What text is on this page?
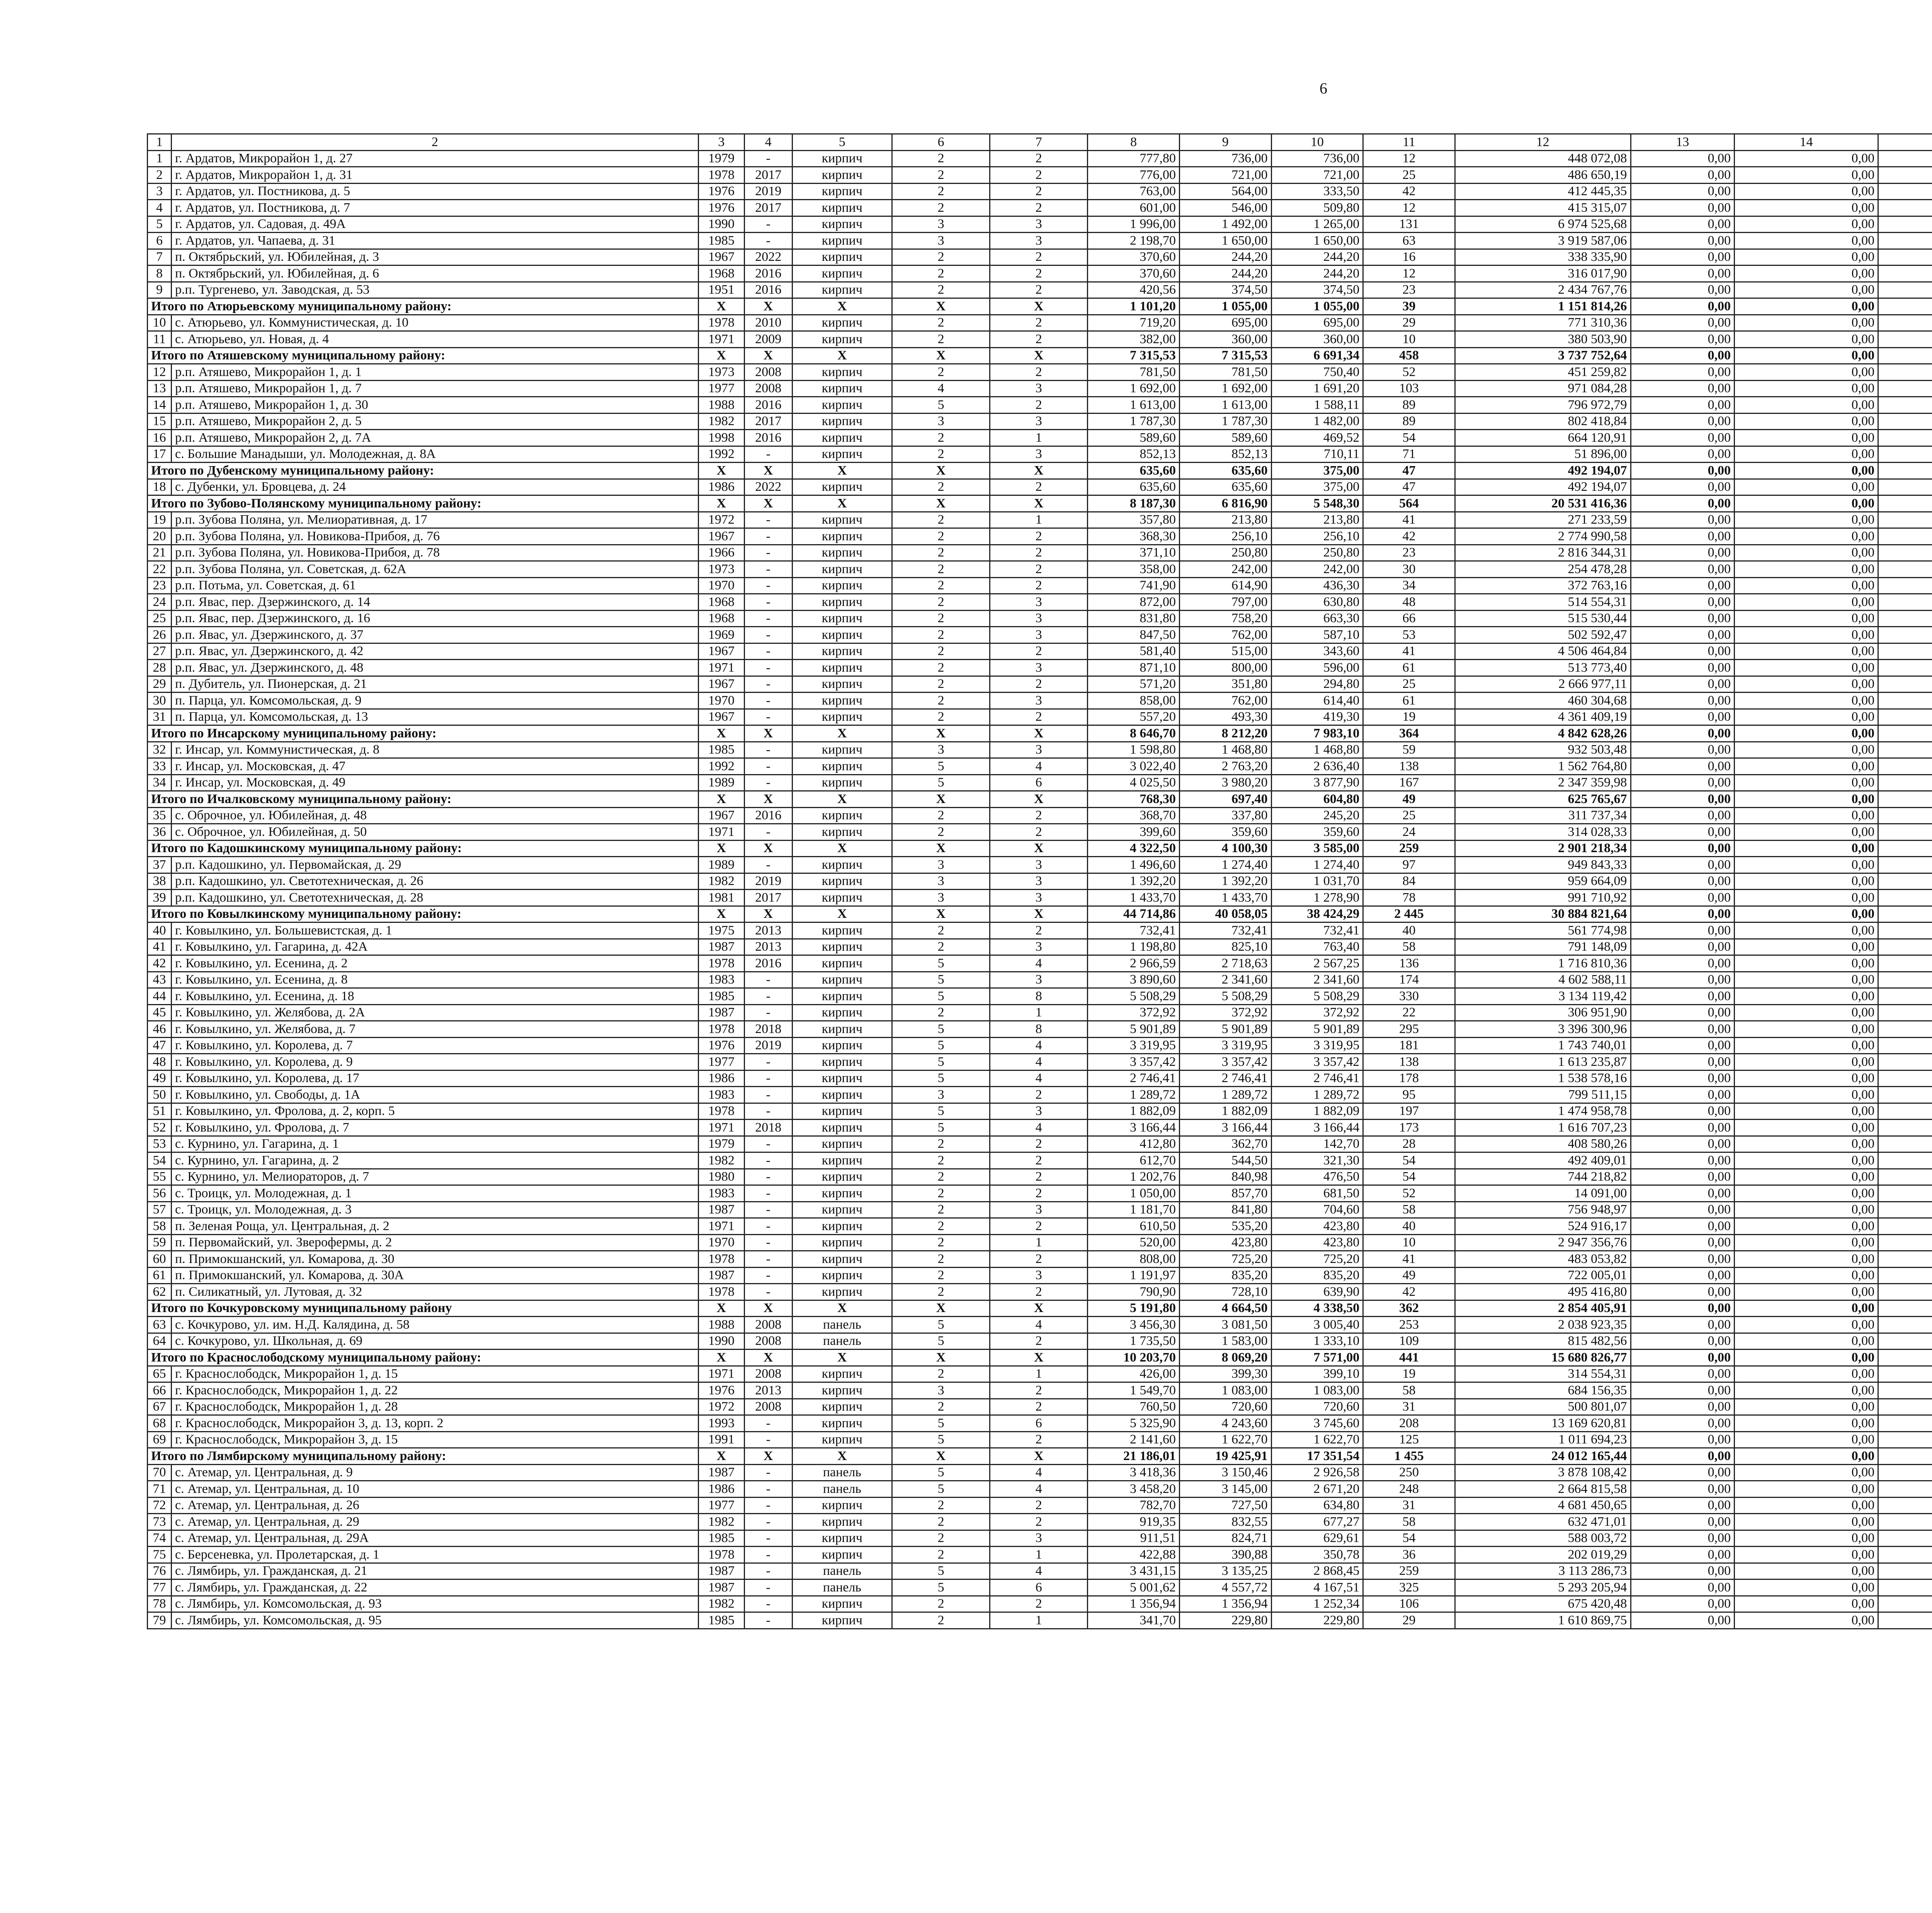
6
1	2	3	4	5	6	7	8	9	10	11	12	13	14					
1	г. Ардатов, Микрорайон 1, д. 27	1979	-	кирпич	2	2	777,80	736,00	736,00	12	448 072,08	0,00	0,00					
2	г. Ардатов, Микрорайон 1, д. 31	1978	2017	кирпич	2	2	776,00	721,00	721,00	25	486 650,19	0,00	0,00					
3	г. Ардатов, ул. Постникова, д. 5	1976	2019	кирпич	2	2	763,00	564,00	333,50	42	412 445,35	0,00	0,00					
4	г. Ардатов, ул. Постникова, д. 7	1976	2017	кирпич	2	2	601,00	546,00	509,80	12	415 315,07	0,00	0,00					
5	г. Ардатов, ул. Садовая, д. 49А	1990	-	кирпич	3	3	1 996,00	1 492,00	1 265,00	131	6 974 525,68	0,00	0,00					
6	г. Ардатов, ул. Чапаева, д. 31	1985	-	кирпич	3	3	2 198,70	1 650,00	1 650,00	63	3 919 587,06	0,00	0,00					
7	п. Октябрьский, ул. Юбилейная, д. 3	1967	2022	кирпич	2	2	370,60	244,20	244,20	16	338 335,90	0,00	0,00					
8	п. Октябрьский, ул. Юбилейная, д. 6	1968	2016	кирпич	2	2	370,60	244,20	244,20	12	316 017,90	0,00	0,00					
9	р.п. Тургенево, ул. Заводская, д. 53	1951	2016	кирпич	2	2	420,56	374,50	374,50	23	2 434 767,76	0,00	0,00					
Итого по Атюрьевскому муниципальному району:		X	X	X	X	X	1 101,20	1 055,00	1 055,00	39	1 151 814,26	0,00	0,00					
10	с. Атюрьево, ул. Коммунистическая, д. 10	1978	2010	кирпич	2	2	719,20	695,00	695,00	29	771 310,36	0,00	0,00					
11	с. Атюрьево, ул. Новая, д. 4	1971	2009	кирпич	2	2	382,00	360,00	360,00	10	380 503,90	0,00	0,00					
Итого по Атяшевскому муниципальному району:		X	X	X	X	X	7 315,53	7 315,53	6 691,34	458	3 737 752,64	0,00	0,00					
12	р.п. Атяшево, Микрорайон 1, д. 1	1973	2008	кирпич	2	2	781,50	781,50	750,40	52	451 259,82	0,00	0,00					
13	р.п. Атяшево, Микрорайон 1, д. 7	1977	2008	кирпич	4	3	1 692,00	1 692,00	1 691,20	103	971 084,28	0,00	0,00					
14	р.п. Атяшево, Микрорайон 1, д. 30	1988	2016	кирпич	5	2	1 613,00	1 613,00	1 588,11	89	796 972,79	0,00	0,00					
15	р.п. Атяшево, Микрорайон 2, д. 5	1982	2017	кирпич	3	3	1 787,30	1 787,30	1 482,00	89	802 418,84	0,00	0,00					
16	р.п. Атяшево, Микрорайон 2, д. 7А	1998	2016	кирпич	2	1	589,60	589,60	469,52	54	664 120,91	0,00	0,00					
17	с. Большие Манадыши, ул. Молодежная, д. 8А	1992	-	кирпич	2	3	852,13	852,13	710,11	71	51 896,00	0,00	0,00					
Итого по Дубенскому муниципальному району:		X	X	X	X	X	635,60	635,60	375,00	47	492 194,07	0,00	0,00					
18	с. Дубенки, ул. Бровцева, д. 24	1986	2022	кирпич	2	2	635,60	635,60	375,00	47	492 194,07	0,00	0,00					
Итого по Зубово-Полянскому муниципальному району:		X	X	X	X	X	8 187,30	6 816,90	5 548,30	564	20 531 416,36	0,00	0,00					
19	р.п. Зубова Поляна, ул. Мелиоративная, д. 17	1972	-	кирпич	2	1	357,80	213,80	213,80	41	271 233,59	0,00	0,00					
20	р.п. Зубова Поляна, ул. Новикова-Прибоя, д. 76	1967	-	кирпич	2	2	368,30	256,10	256,10	42	2 774 990,58	0,00	0,00					
21	р.п. Зубова Поляна, ул. Новикова-Прибоя, д. 78	1966	-	кирпич	2	2	371,10	250,80	250,80	23	2 816 344,31	0,00	0,00					
22	р.п. Зубова Поляна, ул. Советская, д. 62А	1973	-	кирпич	2	2	358,00	242,00	242,00	30	254 478,28	0,00	0,00					
23	р.п. Потьма, ул. Советская, д. 61	1970	-	кирпич	2	2	741,90	614,90	436,30	34	372 763,16	0,00	0,00					
24	р.п. Явас, пер. Дзержинского, д. 14	1968	-	кирпич	2	3	872,00	797,00	630,80	48	514 554,31	0,00	0,00					
25	р.п. Явас, пер. Дзержинского, д. 16	1968	-	кирпич	2	3	831,80	758,20	663,30	66	515 530,44	0,00	0,00					
26	р.п. Явас, ул. Дзержинского, д. 37	1969	-	кирпич	2	3	847,50	762,00	587,10	53	502 592,47	0,00	0,00					
27	р.п. Явас, ул. Дзержинского, д. 42	1967	-	кирпич	2	2	581,40	515,00	343,60	41	4 506 464,84	0,00	0,00					
28	р.п. Явас, ул. Дзержинского, д. 48	1971	-	кирпич	2	3	871,10	800,00	596,00	61	513 773,40	0,00	0,00					
29	п. Дубитель, ул. Пионерская, д. 21	1967	-	кирпич	2	2	571,20	351,80	294,80	25	2 666 977,11	0,00	0,00					
30	п. Парца, ул. Комсомольская, д. 9	1970	-	кирпич	2	3	858,00	762,00	614,40	61	460 304,68	0,00	0,00					
31	п. Парца, ул. Комсомольская, д. 13	1967	-	кирпич	2	2	557,20	493,30	419,30	19	4 361 409,19	0,00	0,00					
Итого по Инсарскому муниципальному району:		X	X	X	X	X	8 646,70	8 212,20	7 983,10	364	4 842 628,26	0,00	0,00					
32	г. Инсар, ул. Коммунистическая, д. 8	1985	-	кирпич	3	3	1 598,80	1 468,80	1 468,80	59	932 503,48	0,00	0,00					
33	г. Инсар, ул. Московская, д. 47	1992	-	кирпич	5	4	3 022,40	2 763,20	2 636,40	138	1 562 764,80	0,00	0,00					
34	г. Инсар, ул. Московская, д. 49	1989	-	кирпич	5	6	4 025,50	3 980,20	3 877,90	167	2 347 359,98	0,00	0,00					
Итого по Ичалковскому муниципальному району:		X	X	X	X	X	768,30	697,40	604,80	49	625 765,67	0,00	0,00					
35	с. Оброчное, ул. Юбилейная, д. 48	1967	2016	кирпич	2	2	368,70	337,80	245,20	25	311 737,34	0,00	0,00					
36	с. Оброчное, ул. Юбилейная, д. 50	1971	-	кирпич	2	2	399,60	359,60	359,60	24	314 028,33	0,00	0,00					
Итого по Кадошкинскому муниципальному району:		X	X	X	X	X	4 322,50	4 100,30	3 585,00	259	2 901 218,34	0,00	0,00					
37	р.п. Кадошкино, ул. Первомайская, д. 29	1989	-	кирпич	3	3	1 496,60	1 274,40	1 274,40	97	949 843,33	0,00	0,00					
38	р.п. Кадошкино, ул. Светотехническая, д. 26	1982	2019	кирпич	3	3	1 392,20	1 392,20	1 031,70	84	959 664,09	0,00	0,00					
39	р.п. Кадошкино, ул. Светотехническая, д. 28	1981	2017	кирпич	3	3	1 433,70	1 433,70	1 278,90	78	991 710,92	0,00	0,00					
Итого по Ковылкинскому муниципальному району:		X	X	X	X	X	44 714,86	40 058,05	38 424,29	2 445	30 884 821,64	0,00	0,00					
40	г. Ковылкино, ул. Большевистская, д. 1	1975	2013	кирпич	2	2	732,41	732,41	732,41	40	561 774,98	0,00	0,00					
41	г. Ковылкино, ул. Гагарина, д. 42А	1987	2013	кирпич	2	3	1 198,80	825,10	763,40	58	791 148,09	0,00	0,00					
42	г. Ковылкино, ул. Есенина, д. 2	1978	2016	кирпич	5	4	2 966,59	2 718,63	2 567,25	136	1 716 810,36	0,00	0,00					
43	г. Ковылкино, ул. Есенина, д. 8	1983	-	кирпич	5	3	3 890,60	2 341,60	2 341,60	174	4 602 588,11	0,00	0,00					
44	г. Ковылкино, ул. Есенина, д. 18	1985	-	кирпич	5	8	5 508,29	5 508,29	5 508,29	330	3 134 119,42	0,00	0,00					
45	г. Ковылкино, ул. Желябова, д. 2А	1987	-	кирпич	2	1	372,92	372,92	372,92	22	306 951,90	0,00	0,00					
46	г. Ковылкино, ул. Желябова, д. 7	1978	2018	кирпич	5	8	5 901,89	5 901,89	5 901,89	295	3 396 300,96	0,00	0,00					
47	г. Ковылкино, ул. Королева, д. 7	1976	2019	кирпич	5	4	3 319,95	3 319,95	3 319,95	181	1 743 740,01	0,00	0,00					
48	г. Ковылкино, ул. Королева, д. 9	1977	-	кирпич	5	4	3 357,42	3 357,42	3 357,42	138	1 613 235,87	0,00	0,00					
49	г. Ковылкино, ул. Королева, д. 17	1986	-	кирпич	5	4	2 746,41	2 746,41	2 746,41	178	1 538 578,16	0,00	0,00					
50	г. Ковылкино, ул. Свободы, д. 1А	1983	-	кирпич	3	2	1 289,72	1 289,72	1 289,72	95	799 511,15	0,00	0,00					
51	г. Ковылкино, ул. Фролова, д. 2, корп. 5	1978	-	кирпич	5	3	1 882,09	1 882,09	1 882,09	197	1 474 958,78	0,00	0,00					
52	г. Ковылкино, ул. Фролова, д. 7	1971	2018	кирпич	5	4	3 166,44	3 166,44	3 166,44	173	1 616 707,23	0,00	0,00					
53	с. Курнино, ул. Гагарина, д. 1	1979	-	кирпич	2	2	412,80	362,70	142,70	28	408 580,26	0,00	0,00					
54	с. Курнино, ул. Гагарина, д. 2	1982	-	кирпич	2	2	612,70	544,50	321,30	54	492 409,01	0,00	0,00					
55	с. Курнино, ул. Мелиораторов, д. 7	1980	-	кирпич	2	2	1 202,76	840,98	476,50	54	744 218,82	0,00	0,00					
56	с. Троицк, ул. Молодежная, д. 1	1983	-	кирпич	2	2	1 050,00	857,70	681,50	52	14 091,00	0,00	0,00					
57	с. Троицк, ул. Молодежная, д. 3	1987	-	кирпич	2	3	1 181,70	841,80	704,60	58	756 948,97	0,00	0,00					
58	п. Зеленая Роща, ул. Центральная, д. 2	1971	-	кирпич	2	2	610,50	535,20	423,80	40	524 916,17	0,00	0,00					
59	п. Первомайский, ул. Зверофермы, д. 2	1970	-	кирпич	2	1	520,00	423,80	423,80	10	2 947 356,76	0,00	0,00					
60	п. Примокшанский, ул. Комарова, д. 30	1978	-	кирпич	2	2	808,00	725,20	725,20	41	483 053,82	0,00	0,00					
61	п. Примокшанский, ул. Комарова, д. 30А	1987	-	кирпич	2	3	1 191,97	835,20	835,20	49	722 005,01	0,00	0,00					
62	п. Силикатный, ул. Лутовая, д. 32	1978	-	кирпич	2	2	790,90	728,10	639,90	42	495 416,80	0,00	0,00					
Итого по Кочкуровскому муниципальному району		X	X	X	X	X	5 191,80	4 664,50	4 338,50	362	2 854 405,91	0,00	0,00					
63	с. Кочкурово, ул. им. Н.Д. Калядина, д. 58	1988	2008	панель	5	4	3 456,30	3 081,50	3 005,40	253	2 038 923,35	0,00	0,00					
64	с. Кочкурово, ул. Школьная, д. 69	1990	2008	панель	5	2	1 735,50	1 583,00	1 333,10	109	815 482,56	0,00	0,00					
Итого по Краснослободскому муниципальному району:		X	X	X	X	X	10 203,70	8 069,20	7 571,00	441	15 680 826,77	0,00	0,00					
65	г. Краснослободск, Микрорайон 1, д. 15	1971	2008	кирпич	2	1	426,00	399,30	399,10	19	314 554,31	0,00	0,00					
66	г. Краснослободск, Микрорайон 1, д. 22	1976	2013	кирпич	3	2	1 549,70	1 083,00	1 083,00	58	684 156,35	0,00	0,00					
67	г. Краснослободск, Микрорайон 1, д. 28	1972	2008	кирпич	2	2	760,50	720,60	720,60	31	500 801,07	0,00	0,00					
68	г. Краснослободск, Микрорайон 3, д. 13, корп. 2	1993	-	кирпич	5	6	5 325,90	4 243,60	3 745,60	208	13 169 620,81	0,00	0,00					
69	г. Краснослободск, Микрорайон 3, д. 15	1991	-	кирпич	5	2	2 141,60	1 622,70	1 622,70	125	1 011 694,23	0,00	0,00					
Итого по Лямбирскому муниципальному району:		X	X	X	X	X	21 186,01	19 425,91	17 351,54	1 455	24 012 165,44	0,00	0,00					
70	с. Атемар, ул. Центральная, д. 9	1987	-	панель	5	4	3 418,36	3 150,46	2 926,58	250	3 878 108,42	0,00	0,00					
71	с. Атемар, ул. Центральная, д. 10	1986	-	панель	5	4	3 458,20	3 145,00	2 671,20	248	2 664 815,58	0,00	0,00					
72	с. Атемар, ул. Центральная, д. 26	1977	-	кирпич	2	2	782,70	727,50	634,80	31	4 681 450,65	0,00	0,00					
73	с. Атемар, ул. Центральная, д. 29	1982	-	кирпич	2	2	919,35	832,55	677,27	58	632 471,01	0,00	0,00					
74	с. Атемар, ул. Центральная, д. 29А	1985	-	кирпич	2	3	911,51	824,71	629,61	54	588 003,72	0,00	0,00					
75	с. Берсеневка, ул. Пролетарская, д. 1	1978	-	кирпич	2	1	422,88	390,88	350,78	36	202 019,29	0,00	0,00					
76	с. Лямбирь, ул. Гражданская, д. 21	1987	-	панель	5	4	3 431,15	3 135,25	2 868,45	259	3 113 286,73	0,00	0,00					
77	с. Лямбирь, ул. Гражданская, д. 22	1987	-	панель	5	6	5 001,62	4 557,72	4 167,51	325	5 293 205,94	0,00	0,00					
78	с. Лямбирь, ул. Комсомольская, д. 93	1982	-	кирпич	2	2	1 356,94	1 356,94	1 252,34	106	675 420,48	0,00	0,00					
79	с. Лямбирь, ул. Комсомольская, д. 95	1985	-	кирпич	2	1	341,70	229,80	229,80	29	1 610 869,75	0,00	0,00					
